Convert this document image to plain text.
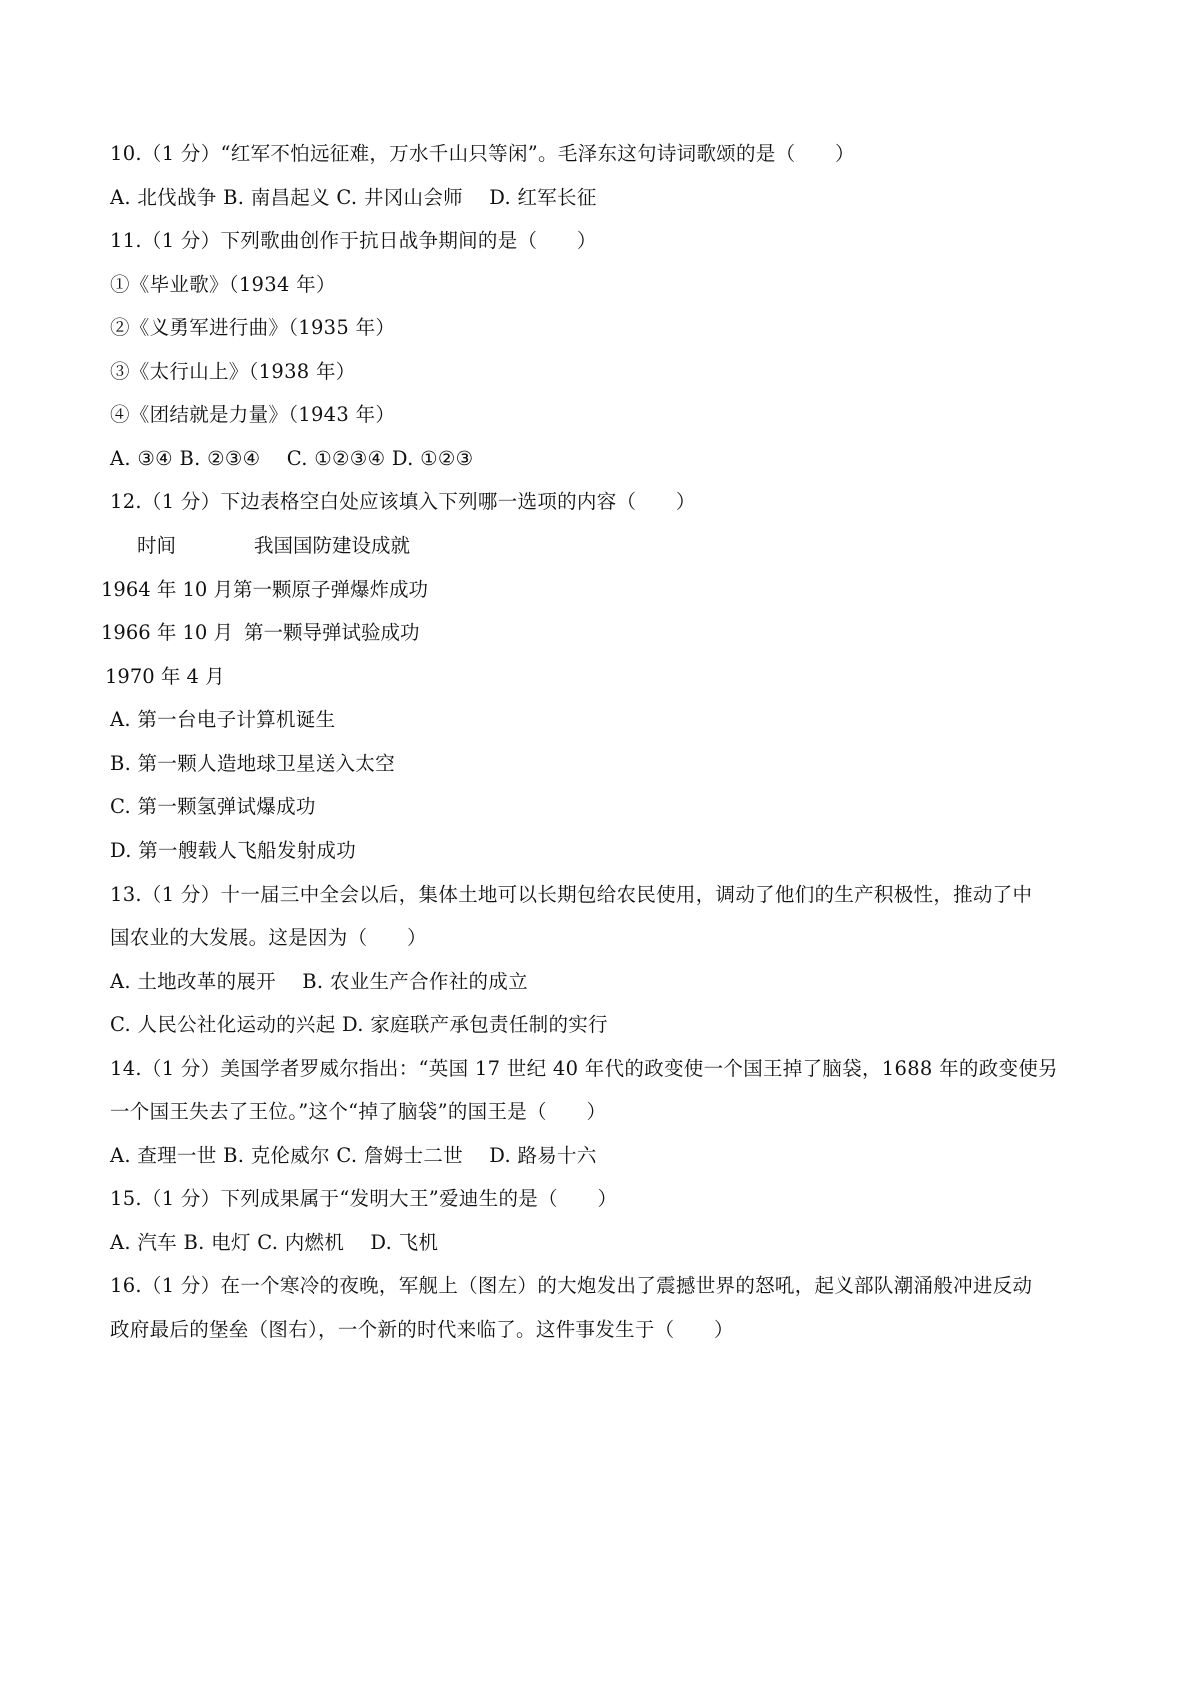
10.（1 分）“红军不怕远征难，万水千山只等闲”。毛泽东这句诗词歌颂的是（　　）
A. 北伐战争 B. 南昌起义 C. 井冈山会师　 D. 红军长征
11.（1 分）下列歌曲创作于抗日战争期间的是（　　）
①《毕业歌》（1934 年）
②《义勇军进行曲》（1935 年）
③《太行山上》（1938 年）
④《团结就是力量》（1943 年）
A. ③④ B. ②③④　 C. ①②③④ D. ①②③
12.（1 分）下边表格空白处应该填入下列哪一选项的内容（　　）
时间	我国国防建设成就
1964 年 10 月 第一颗原子弹爆炸成功
1966 年 10 月 第一颗导弹试验成功
1970 年 4 月
A. 第一台电子计算机诞生
B. 第一颗人造地球卫星送入太空
C. 第一颗氢弹试爆成功
D. 第一艘载人飞船发射成功
13.（1 分）十一届三中全会以后，集体土地可以长期包给农民使用，调动了他们的生产积极性，推动了中
国农业的大发展。这是因为（　　）
A. 土地改革的展开　 B. 农业生产合作社的成立
C. 人民公社化运动的兴起 D. 家庭联产承包责任制的实行
14.（1 分）美国学者罗威尔指出：“英国 17 世纪 40 年代的政变使一个国王掉了脑袋，1688 年的政变使另
一个国王失去了王位。”这个“掉了脑袋”的国王是（　　）
A. 查理一世 B. 克伦威尔 C. 詹姆士二世　 D. 路易十六
15.（1 分）下列成果属于“发明大王”爱迪生的是（　　）
A. 汽车 B. 电灯 C. 内燃机　 D. 飞机
16.（1 分）在一个寒冷的夜晚，军舰上（图左）的大炮发出了震撼世界的怒吼，起义部队潮涌般冲进反动
政府最后的堡垒（图右），一个新的时代来临了。这件事发生于（　　）
